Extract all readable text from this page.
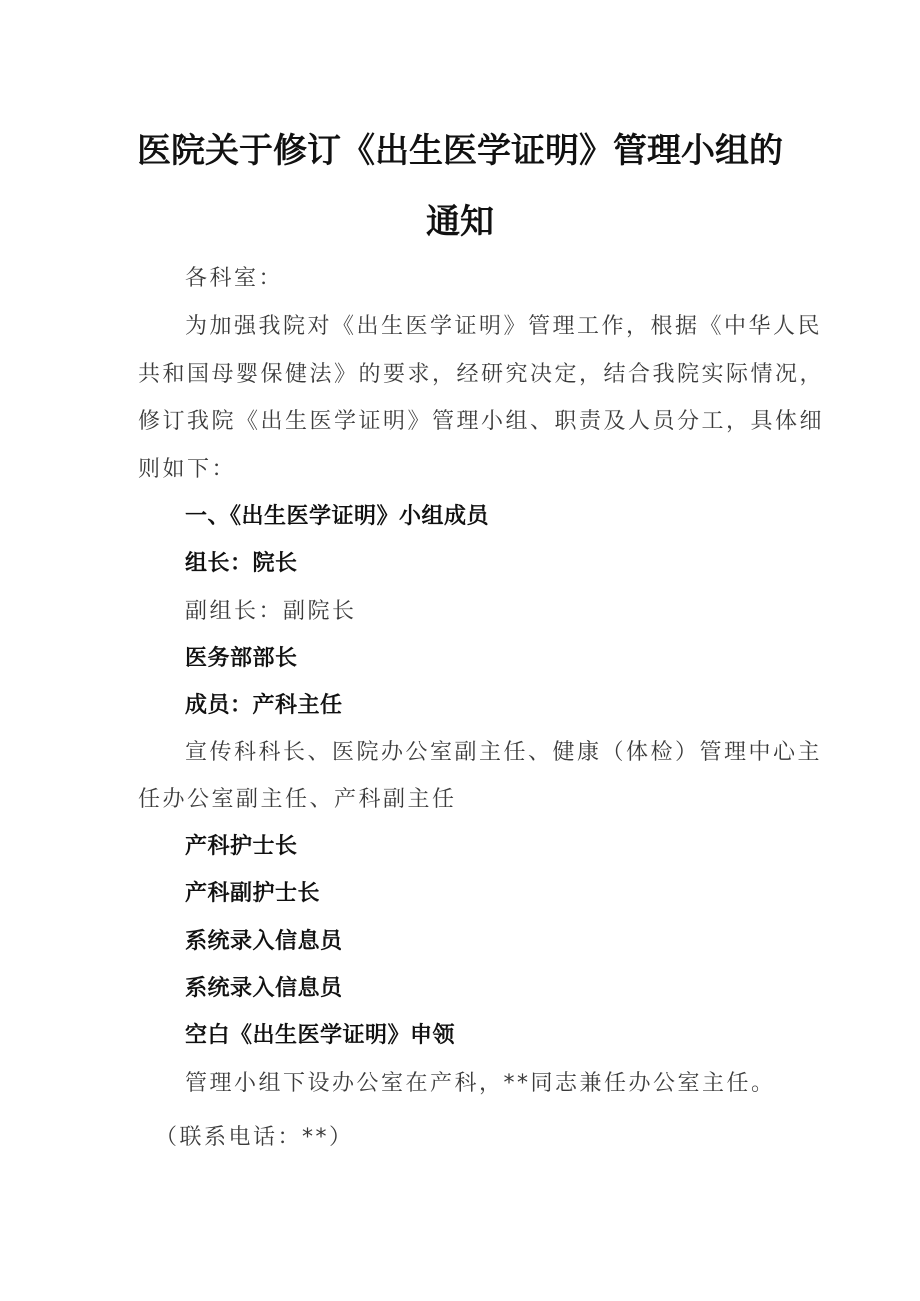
医院关于修订《出生医学证明》管理小组的
通知

各科室：

为加强我院对《出生医学证明》管理工作，根据《中华人民

共和国母婴保健法》的要求，经研究决定，结合我院实际情况，

修订我院《出生医学证明》管理小组、职责及人员分工，具体细

则如下：

一、《出生医学证明》小组成员

组长：院长

副组长：副院长

医务部部长

成员：产科主任

宣传科科长、医院办公室副主任、健康（体检）管理中心主

任办公室副主任、产科副主任

产科护士长

产科副护士长

系统录入信息员

系统录入信息员

空白《出生医学证明》申领

管理小组下设办公室在产科，**同志兼任办公室主任。

（联系电话：**）
